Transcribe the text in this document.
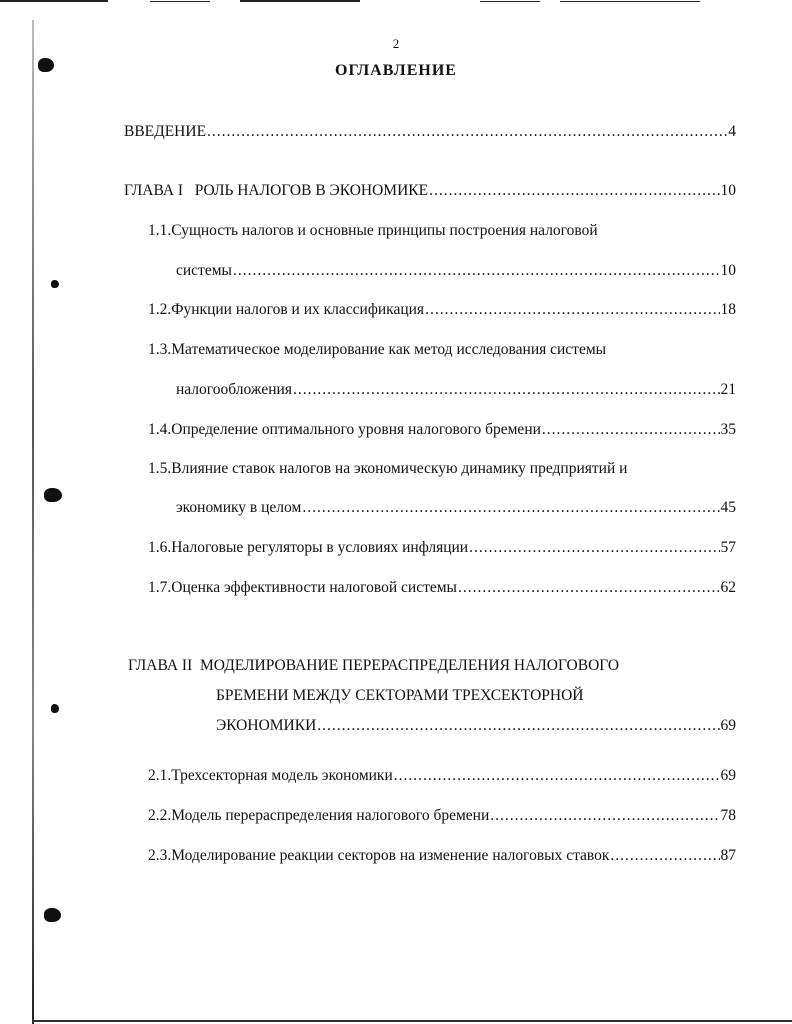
2
ОГЛАВЛЕНИЕ
ВВЕДЕНИЕ .....	4
ГЛАВА I   РОЛЬ НАЛОГОВ В ЭКОНОМИКЕ .....	10
1.1.Сущность налогов и основные принципы построения налоговой
системы .....	10
1.2.Функции налогов и их классификация .....	18
1.3.Математическое моделирование как метод исследования системы
налогообложения .....	21
1.4.Определение оптимального уровня налогового бремени .....	35
1.5.Влияние ставок налогов на экономическую динамику предприятий и
экономику в целом .....	45
1.6.Налоговые регуляторы в условиях инфляции .....	57
1.7.Оценка эффективности налоговой системы .....	62
ГЛАВА II  МОДЕЛИРОВАНИЕ ПЕРЕРАСПРЕДЕЛЕНИЯ НАЛОГОВОГО
БРЕМЕНИ МЕЖДУ СЕКТОРАМИ ТРЕХСЕКТОРНОЙ
ЭКОНОМИКИ .....	69
2.1.Трехсекторная модель экономики .....	69
2.2.Модель перераспределения налогового бремени .....	78
2.3.Моделирование реакции секторов на изменение налоговых ставок .....	87
